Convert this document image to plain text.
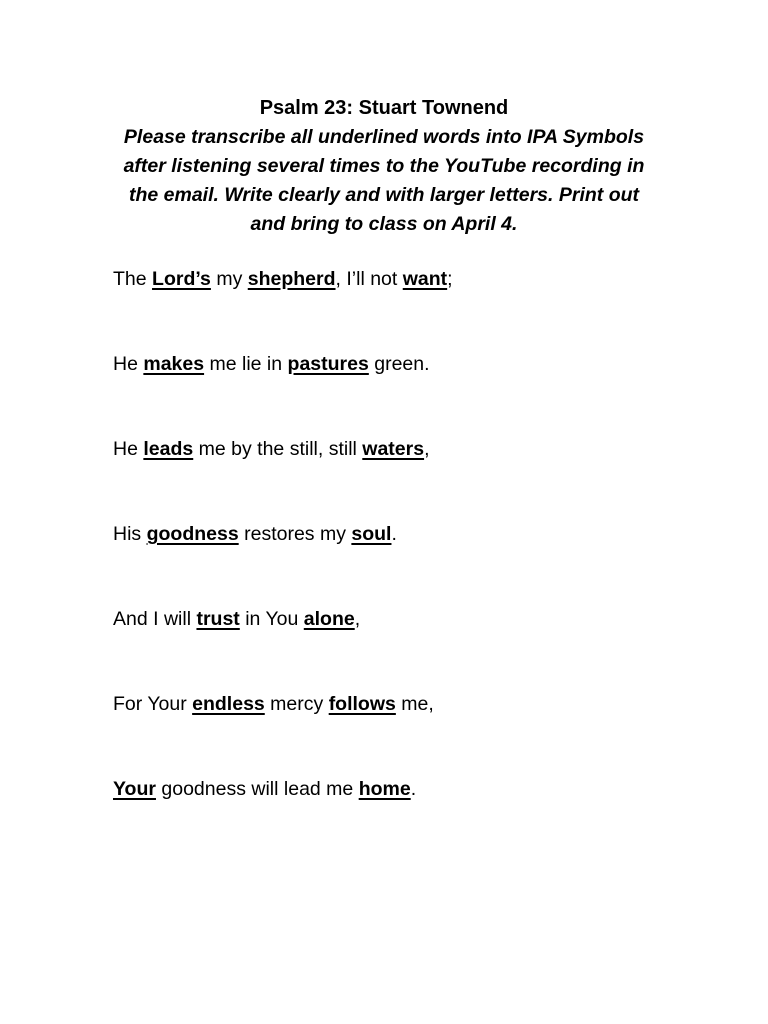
Psalm 23: Stuart Townend

Please transcribe all underlined words into IPA Symbols

after listening several times to the YouTube recording in

the email. Write clearly and with larger letters. Print out

and bring to class on April 4.

The Lord’s my shepherd, I’ll not want;
He makes me lie in pastures green.
He leads me by the still, still waters,
His goodness restores my soul.
And I will trust in You alone,
For Your endless mercy follows me,
Your goodness will lead me home.
